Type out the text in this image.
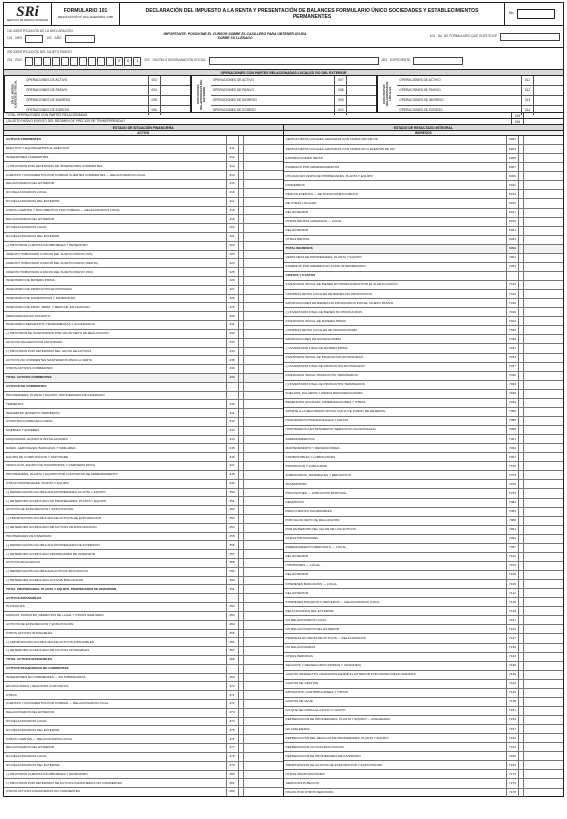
SRi
SERVICIO DE RENTAS INTERNAS
FORMULARIO 101
RESOLUCIÓN Nº NAC-DGER2007-1480
DECLARACIÓN DEL IMPUESTO A LA RENTA Y PRESENTACIÓN DE BALANCES FORMULARIO ÚNICO SOCIEDADES Y ESTABLECIMIENTOS PERMANENTES
No.
100 IDENTIFICACIÓN DE LA DECLARACIÓN
101 MES	102 AÑO
IMPORTANTE: POSICIONE EL CURSOR SOBRE EL CASILLERO PARA OBTENER AYUDA SOBRE SU LLENADO	104 No. DE FORMULARIO QUE SUSTITUYE
200 IDENTIFICACIÓN DEL SUJETO PASIVO
201 RUC	0	0	1	202 RAZÓN O DENOMINACIÓN SOCIAL	203 EXPEDIENTE
OPERACIONES CON PARTES RELACIONADAS LOCALES Y/O DEL EXTERIOR
EN EL MISMO EJERCICIO FISCAL
OPERACIONES DE ACTIVO	003
OPERACIONES DE PASIVO	004
OPERACIONES DE INGRESO	005
OPERACIONES DE EGRESO	006
CON PARTES RELACIONADAS DEL EXTERIOR
OPERACIONES DE ACTIVO	007
OPERACIONES DE PASIVO	008
OPERACIONES DE INGRESO	009
OPERACIONES DE EGRESO	010
CON PARTES RELACIONADAS LOCALES
OPERACIONES DE ACTIVO	011
OPERACIONES DE PASIVO	012
OPERACIONES DE INGRESO	013
OPERACIONES DE EGRESO	014
TOTAL OPERACIONES CON PARTES RELACIONADAS	015
¿SUJETO PASIVO EXENTO DEL RÉGIMEN DE PRECIOS DE TRANSFERENCIA?	016
ESTADO DE SITUACIÓN FINANCIERA
ACTIVO
ACTIVOS CORRIENTES
EFECTIVO Y EQUIVALENTES AL EFECTIVO	311
INVERSIONES CORRIENTES	312
(-) PROVISIÓN POR DETERIORO DE INVERSIONES CORRIENTES	313
CUENTAS Y DOCUMENTOS POR COBRAR CLIENTES CORRIENTES — RELACIONADOS LOCAL	314
RELACIONADOS DEL EXTERIOR	315
NO RELACIONADOS LOCAL	316
NO RELACIONADOS DEL EXTERIOR	317
OTRAS CUENTAS Y DOCUMENTOS POR COBRAR — RELACIONADOS LOCAL	318
RELACIONADOS DEL EXTERIOR	319
NO RELACIONADOS LOCAL	320
NO RELACIONADOS DEL EXTERIOR	321
(-) PROVISIÓN CUENTAS INCOBRABLES Y DETERIORO	322
CRÉDITO TRIBUTARIO A FAVOR DEL SUJETO PASIVO (IVA)	323
CRÉDITO TRIBUTARIO A FAVOR DEL SUJETO PASIVO (RENTA)	324
CRÉDITO TRIBUTARIO A FAVOR DEL SUJETO PASIVO (ISD)	325
INVENTARIO DE MATERIA PRIMA	326
INVENTARIO DE PRODUCTOS EN PROCESO	327
INVENTARIO DE SUMINISTROS Y MATERIALES	328
INVENTARIO DE PROD. TERM. Y MERCAD. EN ALMACÉN	329
MERCADERÍAS EN TRÁNSITO	330
INVENTARIO REPUESTOS, HERRAMIENTAS Y ACCESORIOS	331
(-) PROVISIÓN DE INVENTARIOS POR VALOR NETO DE REALIZACIÓN	332
ACTIVOS PAGADOS POR ANTICIPADO	333
(-) PROVISIÓN POR DETERIORO DEL VALOR DE ACTIVOS	334
ACTIVOS NO CORRIENTES MANTENIDOS PARA LA VENTA	335
OTROS ACTIVOS CORRIENTES	336
TOTAL ACTIVOS CORRIENTES	339
ACTIVOS NO CORRIENTES
PROPIEDADES, PLANTA Y EQUIPO, PROPIEDADES DE INVERSIÓN
TERRENOS	340
INMUEBLES (EXCEPTO TERRENOS)	341
CONSTRUCCIONES EN CURSO	342
MUEBLES Y ENSERES	343
MAQUINARIA, EQUIPO E INSTALACIONES	344
NAVES, AERONAVES, BARCAZAS Y SIMILARES	345
EQUIPO DE COMPUTACIÓN Y SOFTWARE	346
VEHÍCULOS, EQUIPO DE TRANSPORTE Y CAMINERO MÓVIL	347
PROPIEDADES, PLANTA Y EQUIPO POR CONTRATOS DE ARRENDAMIENTO	348
OTRAS PROPIEDADES, PLANTA Y EQUIPO	349
(-) DEPRECIACIÓN ACUMULADA PROPIEDADES, PLANTA Y EQUIPO	350
(-) DETERIORO ACUMULADO DE PROPIEDADES, PLANTA Y EQUIPO	351
ACTIVOS DE EXPLORACIÓN Y EXPLOTACIÓN	352
(-) AMORTIZACIÓN ACUMULADA DE ACTIVOS DE EXPLORACIÓN	353
(-) DETERIORO ACUMULADO DE ACTIVOS DE EXPLORACIÓN	354
PROPIEDADES DE INVERSIÓN	355
(-) DEPRECIACIÓN ACUMULADA PROPIEDADES DE INVERSIÓN	356
(-) DETERIORO ACUMULADO PROPIEDADES DE INVERSIÓN	357
ACTIVOS BIOLÓGICOS	358
(-) DEPRECIACIÓN ACUMULADA ACTIVOS BIOLÓGICOS	359
(-) DETERIORO ACUMULADO ACTIVOS BIOLÓGICOS	360
TOTAL PROPIEDADES, PLANTA Y EQUIPO, PROPIEDADES DE INVERSIÓN	361
ACTIVOS INTANGIBLES
PLUSVALÍAS	362
MARCAS, PATENTES, DERECHOS DE LLAVE Y OTROS SIMILARES	363
ACTIVOS DE EXPLORACIÓN Y EXPLOTACIÓN	364
OTROS ACTIVOS INTANGIBLES	365
(-) AMORTIZACIÓN ACUMULADA DE ACTIVOS INTANGIBLES	366
(-) DETERIORO ACUMULADO DE ACTIVOS INTANGIBLES	367
TOTAL ACTIVOS INTANGIBLES	368
ACTIVOS FINANCIEROS NO CORRIENTES
INVERSIONES NO CORRIENTES — EN SUBSIDIARIAS	369
EN ASOCIADAS / NEGOCIOS CONJUNTOS	370
OTRAS	371
CUENTAS Y DOCUMENTOS POR COBRAR — RELACIONADOS LOCAL	372
RELACIONADOS DEL EXTERIOR	373
NO RELACIONADOS LOCAL	374
NO RELACIONADOS DEL EXTERIOR	375
OTRAS CUENTAS — RELACIONADOS LOCAL	376
RELACIONADOS DEL EXTERIOR	377
NO RELACIONADOS LOCAL	378
NO RELACIONADOS DEL EXTERIOR	379
(-) PROVISIÓN CUENTAS INCOBRABLES Y DETERIORO	380
(-) PROVISIÓN POR DETERIORO DE ACTIVOS FINANCIEROS NO CORRIENTES	381
OTROS ACTIVOS FINANCIEROS NO CORRIENTES	382
ESTADO DE RESULTADO INTEGRAL
INGRESOS
VENTAS NETAS LOCALES GRAVADAS CON TARIFA 12% DE IVA	6001
VENTAS NETAS LOCALES GRAVADAS CON TARIFA 0% O EXENTAS DE IVA	6003
EXPORTACIONES NETAS	6005
INGRESOS POR ARRENDAMIENTOS	6007
UTILIDAD EN VENTA DE PROPIEDADES, PLANTA Y EQUIPO	6009
DIVIDENDOS	6011
RENTAS EXENTAS — DE DONACIONES PÚBLICO	6013
DE OTRAS LOCALES	6015
DEL EXTERIOR	6017
OTRAS RENTAS GRAVADAS — LOCAL	6019
DEL EXTERIOR	6021
OTRAS RENTAS	6023
TOTAL INGRESOS	6999
VENTA NETA DE PROPIEDADES, PLANTA Y EQUIPO	7001
INGRESOS POR REEMBOLSO COMO INTERMEDIARIO	7003
COSTOS Y GASTOS
INVENTARIO INICIAL DE BIENES NO PRODUCIDOS POR EL SUJETO PASIVO	7010
COMPRAS NETAS LOCALES DE BIENES NO PRODUCIDOS	7013
IMPORTACIONES DE BIENES NO PRODUCIDOS POR EL SUJETO PASIVO	7016
(-) INVENTARIO FINAL DE BIENES NO PRODUCIDOS	7019
INVENTARIO INICIAL DE MATERIA PRIMA	7022
COMPRAS NETAS LOCALES DE MATERIA PRIMA	7025
IMPORTACIONES DE MATERIA PRIMA	7028
(-) INVENTARIO FINAL DE MATERIA PRIMA	7031
INVENTARIO INICIAL DE PRODUCTOS EN PROCESO	7034
(-) INVENTARIO FINAL DE PRODUCTOS EN PROCESO	7037
INVENTARIO INICIAL PRODUCTOS TERMINADOS	7040
(-) INVENTARIO FINAL DE PRODUCTOS TERMINADOS	7043
SUELDOS, SALARIOS Y DEMÁS REMUNERACIONES	7046
BENEFICIOS SOCIALES, INDEMNIZACIONES Y OTRAS	7049
APORTE A LA SEGURIDAD SOCIAL (INCLUYE FONDO DE RESERVA)	7052
HONORARIOS PROFESIONALES Y DIETAS	7055
HONORARIOS A EXTRANJEROS (SERVICIOS OCASIONALES)	7058
ARRENDAMIENTOS	7061
MANTENIMIENTO Y REPARACIONES	7064
COMBUSTIBLES Y LUBRICANTES	7067
PROMOCIÓN Y PUBLICIDAD	7070
SUMINISTROS, MATERIALES Y REPUESTOS	7073
TRANSPORTE	7076
PROVISIONES — JUBILACIÓN PATRONAL	7079
DESAHUCIO	7082
PARA CUENTAS INCOBRABLES	7085
POR VALOR NETO DE REALIZACIÓN	7088
POR DETERIORO DEL VALOR DE LOS ACTIVOS	7091
OTRAS PROVISIONES	7094
ARRENDAMIENTO MERCANTIL — LOCAL	7097
DEL EXTERIOR	7100
COMISIONES — LOCAL	7103
DEL EXTERIOR	7106
INTERESES BANCARIOS — LOCAL	7109
DEL EXTERIOR	7112
INTERESES PAGADOS A TERCEROS — RELACIONADOS LOCAL	7115
RELACIONADOS DEL EXTERIOR	7118
NO RELACIONADOS LOCAL	7121
NO RELACIONADOS DEL EXTERIOR	7124
PÉRDIDAS EN VENTA DE ACTIVOS — RELACIONADAS	7127
NO RELACIONADAS	7130
OTRAS PÉRDIDAS	7133
SEGUROS Y REASEGUROS (PRIMAS Y CESIONES)	7136
GASTOS INDIRECTOS ASIGNADOS DESDE EL EXTERIOR POR PARTES RELACIONADAS	7139
GASTOS DE GESTIÓN	7142
IMPUESTOS, CONTRIBUCIONES Y OTROS	7145
GASTOS DE VIAJE	7148
IVA QUE SE CARGA AL COSTO O GASTO	7151
DEPRECIACIÓN DE PROPIEDADES, PLANTA Y EQUIPO — ACELERADA	7154
NO ACELERADA	7157
DEPRECIACIÓN DEL REVALÚO DE PROPIEDADES, PLANTA Y EQUIPO	7160
DEPRECIACIÓN ACTIVOS BIOLÓGICOS	7163
DEPRECIACIÓN DE PROPIEDADES DE INVERSIÓN	7166
AMORTIZACIÓN DE ACTIVOS DE EXPLORACIÓN Y EXPLOTACIÓN	7169
OTRAS AMORTIZACIONES	7172
SERVICIOS PÚBLICOS	7175
PAGOS POR OTROS SERVICIOS	7178
